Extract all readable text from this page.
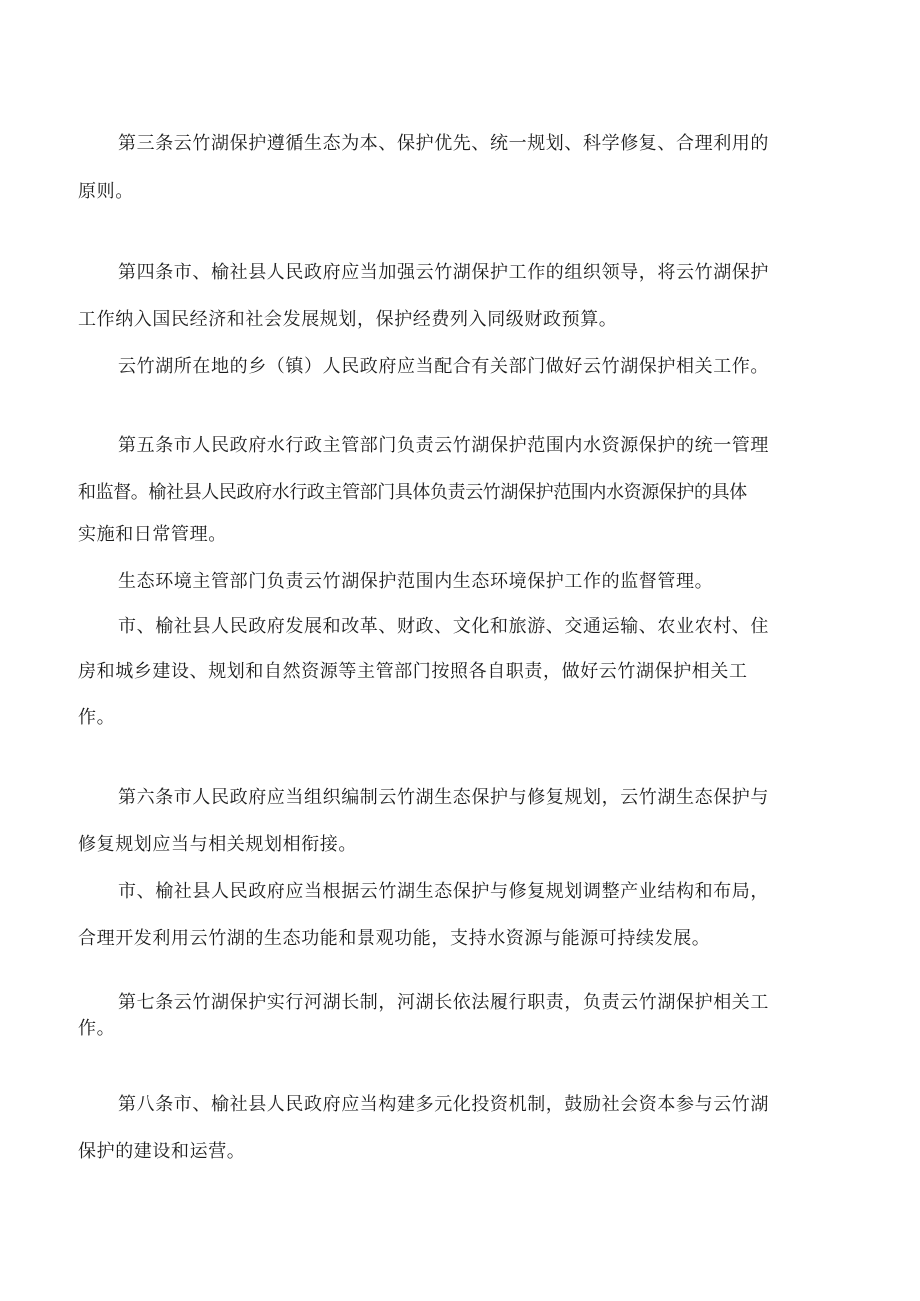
第三条云竹湖保护遵循生态为本、保护优先、统一规划、科学修复、合理利用的
原则。
第四条市、榆社县人民政府应当加强云竹湖保护工作的组织领导，将云竹湖保护
工作纳入国民经济和社会发展规划，保护经费列入同级财政预算。
云竹湖所在地的乡（镇）人民政府应当配合有关部门做好云竹湖保护相关工作。
第五条市人民政府水行政主管部门负责云竹湖保护范围内水资源保护的统一管理
和监督。榆社县人民政府水行政主管部门具体负责云竹湖保护范围内水资源保护的具体
实施和日常管理。
生态环境主管部门负责云竹湖保护范围内生态环境保护工作的监督管理。
市、榆社县人民政府发展和改革、财政、文化和旅游、交通运输、农业农村、住
房和城乡建设、规划和自然资源等主管部门按照各自职责，做好云竹湖保护相关工
作。
第六条市人民政府应当组织编制云竹湖生态保护与修复规划，云竹湖生态保护与
修复规划应当与相关规划相衔接。
市、榆社县人民政府应当根据云竹湖生态保护与修复规划调整产业结构和布局，
合理开发利用云竹湖的生态功能和景观功能，支持水资源与能源可持续发展。
第七条云竹湖保护实行河湖长制，河湖长依法履行职责，负责云竹湖保护相关工
作。
第八条市、榆社县人民政府应当构建多元化投资机制，鼓励社会资本参与云竹湖
保护的建设和运营。
